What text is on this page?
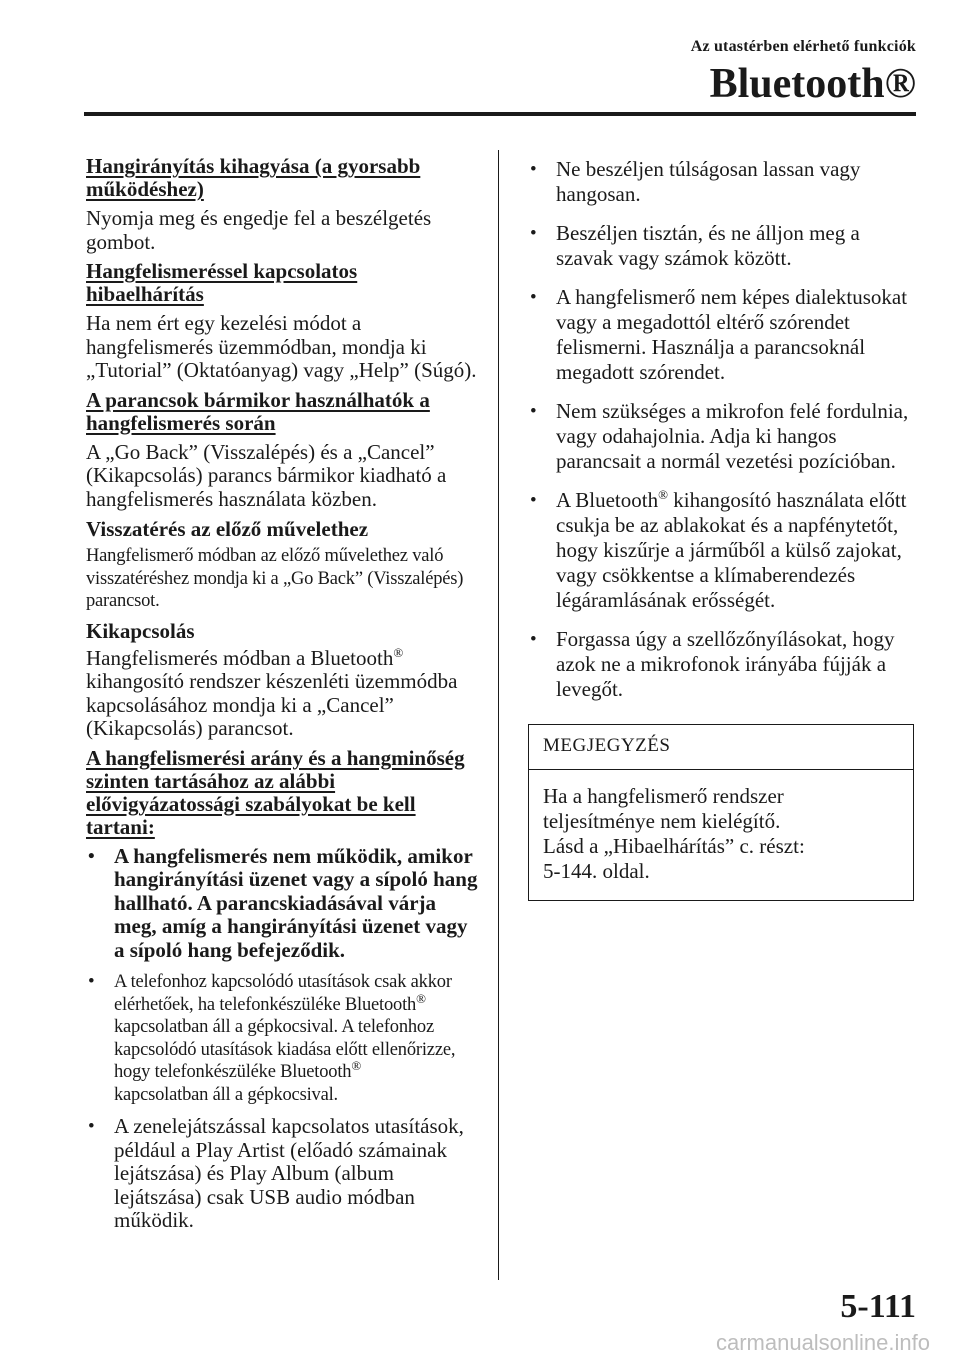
Az utastérben elérhető funkciók
Bluetooth®
Hangirányítás kihagyása (a gyorsabb működéshez)
Nyomja meg és engedje fel a beszélgetés gombot.
Hangfelismeréssel kapcsolatos hibaelhárítás
Ha nem ért egy kezelési módot a hangfelismerés üzemmódban, mondja ki „Tutorial” (Oktatóanyag) vagy „Help” (Súgó).
A parancsok bármikor használhatók a hangfelismerés során
A „Go Back” (Visszalépés) és a „Cancel” (Kikapcsolás) parancs bármikor kiadható a hangfelismerés használata közben.
Visszatérés az előző művelethez
Hangfelismerő módban az előző művelethez való visszatéréshez mondja ki a „Go Back” (Visszalépés) parancsot.
Kikapcsolás
Hangfelismerés módban a Bluetooth®
kihangosító rendszer készenléti üzemmódba kapcsolásához mondja ki a „Cancel” (Kikapcsolás) parancsot.
A hangfelismerési arány és a hangminőség szinten tartásához az alábbi elővigyázatossági szabályokat be kell tartani:
• A hangfelismerés nem működik, amikor hangirányítási üzenet vagy a sípoló hang hallható. A parancskiadásával várja meg, amíg a hangirányítási üzenet vagy a sípoló hang befejeződik.
• A telefonhoz kapcsolódó utasítások csak akkor elérhetőek, ha telefonkészüléke Bluetooth® kapcsolatban áll a gépkocsival. A telefonhoz kapcsolódó utasítások kiadása előtt ellenőrizze, hogy telefonkészüléke Bluetooth®
kapcsolatban áll a gépkocsival.
• A zenelejátszással kapcsolatos utasítások, például a Play Artist (előadó számainak lejátszása) és Play Album (album lejátszása) csak USB audio módban működik.
• Ne beszéljen túlságosan lassan vagy hangosan.
• Beszéljen tisztán, és ne álljon meg a szavak vagy számok között.
• A hangfelismerő nem képes dialektusokat vagy a megadottól eltérő szórendet felismerni. Használja a parancsoknál megadott szórendet.
• Nem szükséges a mikrofon felé fordulnia, vagy odahajolnia. Adja ki hangos parancsait a normál vezetési pozícióban.
• A Bluetooth® kihangosító használata előtt csukja be az ablakokat és a napfénytetőt, hogy kiszűrje a járműből a külső zajokat, vagy csökkentse a klímaberendezés légáramlásának erősségét.
• Forgassa úgy a szellőzőnyílásokat, hogy azok ne a mikrofonok irányába fújják a levegőt.
MEGJEGYZÉS
Ha a hangfelismerő rendszer
teljesítménye nem kielégítő.
Lásd a „Hibaelhárítás” c. részt:
5-144. oldal.
5-111
carmanualsonline.info
